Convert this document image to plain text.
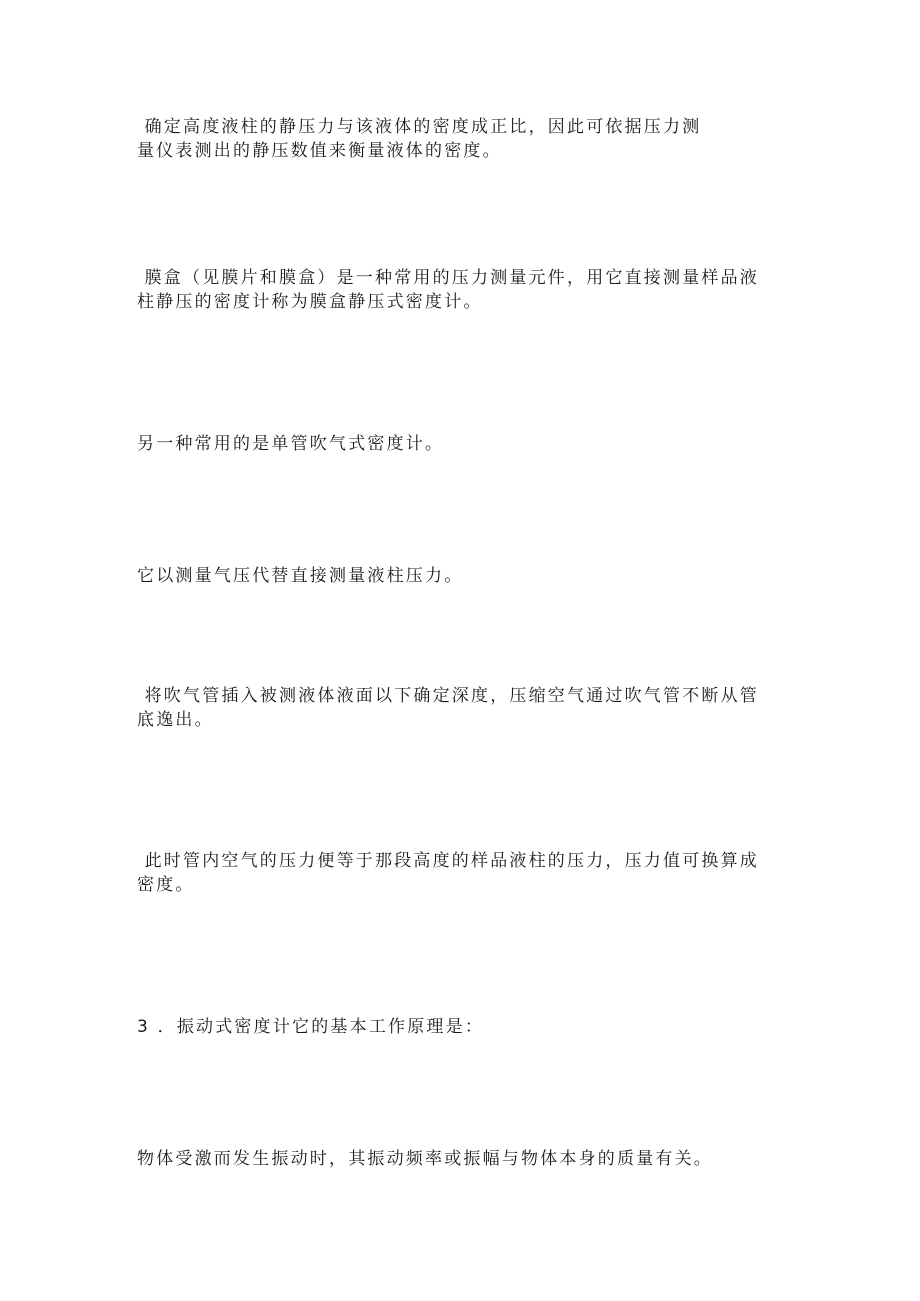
确定高度液柱的静压力与该液体的密度成正比，因此可依据压力测
量仪表测出的静压数值来衡量液体的密度。

膜盒（见膜片和膜盒）是一种常用的压力测量元件，用它直接测量样品液
柱静压的密度计称为膜盒静压式密度计。

另一种常用的是单管吹气式密度计。

它以测量气压代替直接测量液柱压力。

将吹气管插入被测液体液面以下确定深度，压缩空气通过吹气管不断从管
底逸出。

此时管内空气的压力便等于那段高度的样品液柱的压力，压力值可换算成
密度。

3 ．振动式密度计它的基本工作原理是：

物体受激而发生振动时，其振动频率或振幅与物体本身的质量有关。
